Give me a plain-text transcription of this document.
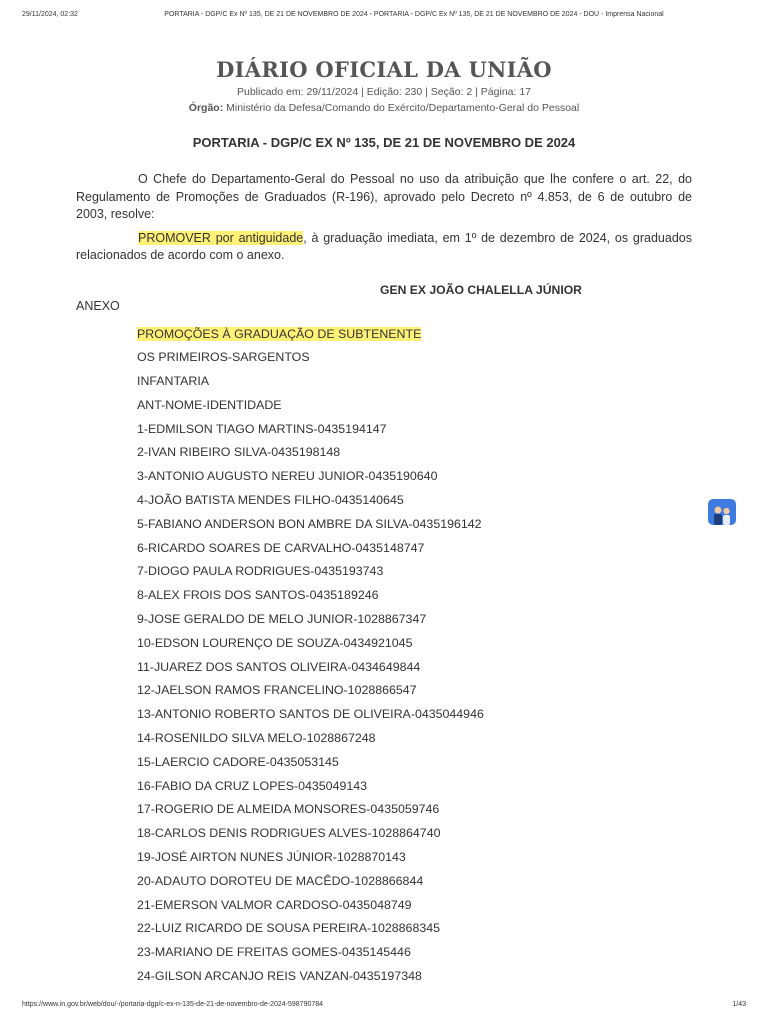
29/11/2024, 02:32	PORTARIA - DGP/C Ex Nº 135, DE 21 DE NOVEMBRO DE 2024 - PORTARIA - DGP/C Ex Nº 135, DE 21 DE NOVEMBRO DE 2024 - DOU - Imprensa Nacional
DIÁRIO OFICIAL DA UNIÃO
Publicado em: 29/11/2024 | Edição: 230 | Seção: 2 | Página: 17
Órgão: Ministério da Defesa/Comando do Exército/Departamento-Geral do Pessoal
PORTARIA - DGP/C EX Nº 135, DE 21 DE NOVEMBRO DE 2024

O Chefe do Departamento-Geral do Pessoal no uso da atribuição que lhe confere o art. 22, do Regulamento de Promoções de Graduados (R-196), aprovado pelo Decreto nº 4.853, de 6 de outubro de 2003, resolve:

PROMOVER por antiguidade, à graduação imediata, em 1º de dezembro de 2024, os graduados relacionados de acordo com o anexo.

GEN EX JOÃO CHALELLA JÚNIOR
ANEXO
PROMOÇÕES À GRADUAÇÃO DE SUBTENENTE
OS PRIMEIROS-SARGENTOS
INFANTARIA
ANT-NOME-IDENTIDADE
1-EDMILSON TIAGO MARTINS-0435194147
2-IVAN RIBEIRO SILVA-0435198148
3-ANTONIO AUGUSTO NEREU JUNIOR-0435190640
4-JOÃO BATISTA MENDES FILHO-0435140645
5-FABIANO ANDERSON BON AMBRE DA SILVA-0435196142
6-RICARDO SOARES DE CARVALHO-0435148747
7-DIOGO PAULA RODRIGUES-0435193743
8-ALEX FROIS DOS SANTOS-0435189246
9-JOSE GERALDO DE MELO JUNIOR-1028867347
10-EDSON LOURENÇO DE SOUZA-0434921045
11-JUAREZ DOS SANTOS OLIVEIRA-0434649844
12-JAELSON RAMOS FRANCELINO-1028866547
13-ANTONIO ROBERTO SANTOS DE OLIVEIRA-0435044946
14-ROSENILDO SILVA MELO-1028867248
15-LAERCIO CADORE-0435053145
16-FABIO DA CRUZ LOPES-0435049143
17-ROGERIO DE ALMEIDA MONSORES-0435059746
18-CARLOS DENIS RODRIGUES ALVES-1028864740
19-JOSÉ AIRTON NUNES JÚNIOR-1028870143
20-ADAUTO DOROTEU DE MACÊDO-1028866844
21-EMERSON VALMOR CARDOSO-0435048749
22-LUIZ RICARDO DE SOUSA PEREIRA-1028868345
23-MARIANO DE FREITAS GOMES-0435145446
24-GILSON ARCANJO REIS VANZAN-0435197348
https://www.in.gov.br/web/dou/-/portaria-dgp/c-ex-n-135-de-21-de-novembro-de-2024-598790784	1/43
